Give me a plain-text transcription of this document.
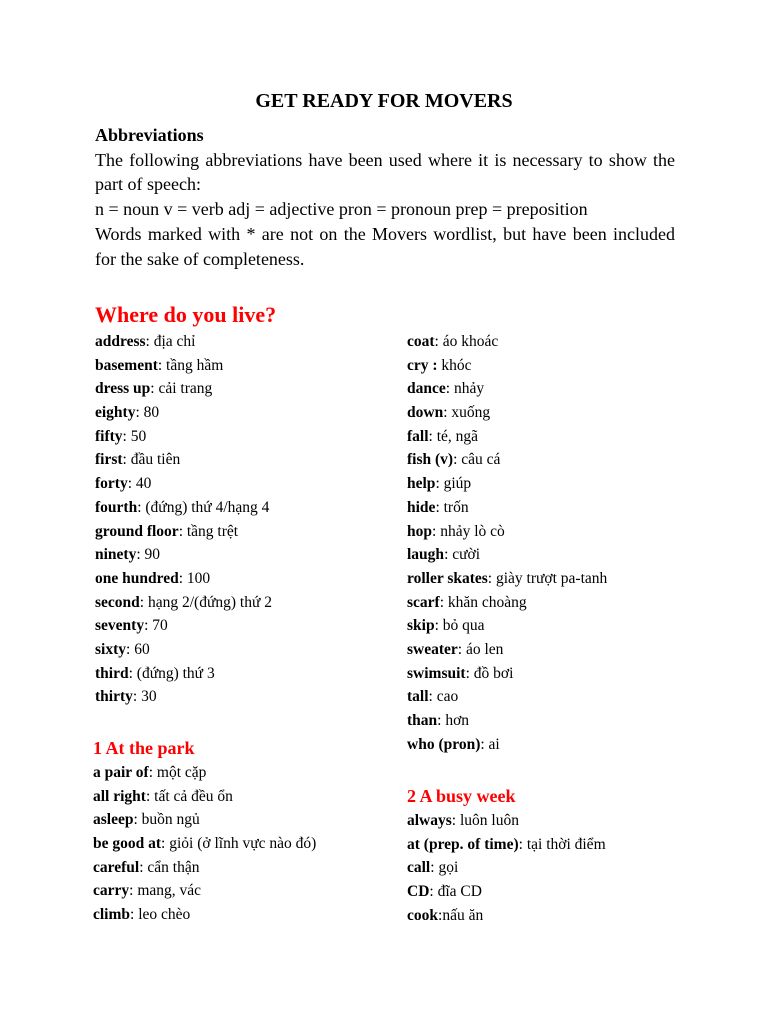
GET READY FOR MOVERS
Abbreviations
The following abbreviations have been used where it is necessary to show the part of speech:
n = noun v = verb adj = adjective pron = pronoun prep = preposition
Words marked with * are not on the Movers wordlist, but have been included for the sake of completeness.
Where do you live?
address: địa chỉ
basement: tầng hầm
dress up: cải trang
eighty: 80
fifty: 50
first: đầu tiên
forty: 40
fourth: (đứng) thứ 4/hạng 4
ground floor: tầng trệt
ninety: 90
one hundred: 100
second: hạng 2/(đứng) thứ 2
seventy: 70
sixty: 60
third: (đứng) thứ 3
thirty: 30
coat: áo khoác
cry : khóc
dance: nhảy
down: xuống
fall: té, ngã
fish (v): câu cá
help: giúp
hide: trốn
hop: nhảy lò cò
laugh: cười
roller skates: giày trượt pa-tanh
scarf: khăn choàng
skip: bỏ qua
sweater: áo len
swimsuit: đồ bơi
tall: cao
than: hơn
who (pron): ai
1 At the park
a pair of: một cặp
all right: tất cả đều ổn
asleep: buồn ngủ
be good at: giỏi (ở lĩnh vực nào đó)
careful: cẩn thận
carry: mang, vác
climb: leo chèo
2 A busy week
always: luôn luôn
at (prep. of time): tại thời điểm
call: gọi
CD: đĩa CD
cook:nấu ăn
